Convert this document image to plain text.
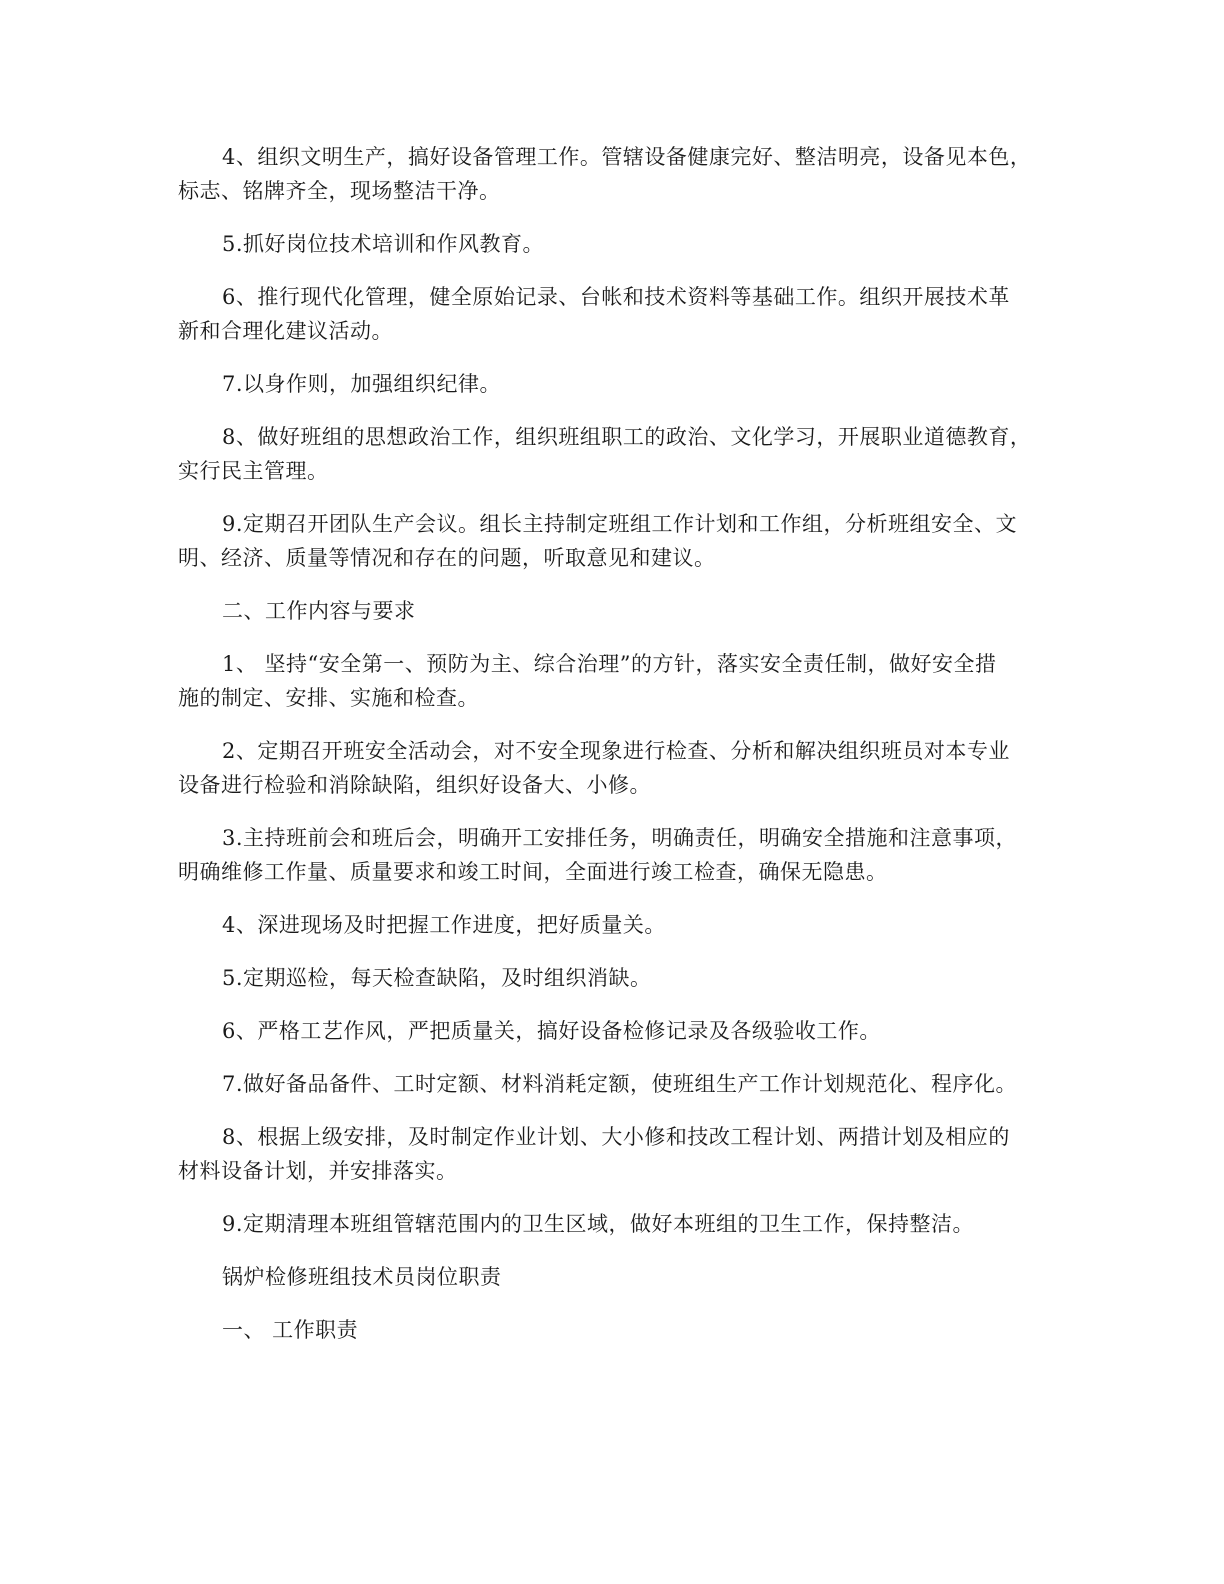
4、组织文明生产，搞好设备管理工作。管辖设备健康完好、整洁明亮，设备见本色，
标志、铭牌齐全，现场整洁干净。

5.抓好岗位技术培训和作风教育。

6、推行现代化管理，健全原始记录、台帐和技术资料等基础工作。组织开展技术革
新和合理化建议活动。

7.以身作则，加强组织纪律。

8、做好班组的思想政治工作，组织班组职工的政治、文化学习，开展职业道德教育，
实行民主管理。

9.定期召开团队生产会议。组长主持制定班组工作计划和工作组，分析班组安全、文
明、经济、质量等情况和存在的问题，听取意见和建议。

二、工作内容与要求

1、 坚持“安全第一、预防为主、综合治理”的方针，落实安全责任制，做好安全措
施的制定、安排、实施和检查。

2、定期召开班安全活动会，对不安全现象进行检查、分析和解决组织班员对本专业
设备进行检验和消除缺陷，组织好设备大、小修。

3.主持班前会和班后会，明确开工安排任务，明确责任，明确安全措施和注意事项，
明确维修工作量、质量要求和竣工时间，全面进行竣工检查，确保无隐患。

4、深进现场及时把握工作进度，把好质量关。

5.定期巡检，每天检查缺陷，及时组织消缺。

6、严格工艺作风，严把质量关，搞好设备检修记录及各级验收工作。

7.做好备品备件、工时定额、材料消耗定额，使班组生产工作计划规范化、程序化。

8、根据上级安排，及时制定作业计划、大小修和技改工程计划、两措计划及相应的
材料设备计划，并安排落实。

9.定期清理本班组管辖范围内的卫生区域，做好本班组的卫生工作，保持整洁。

锅炉检修班组技术员岗位职责

一、 工作职责
